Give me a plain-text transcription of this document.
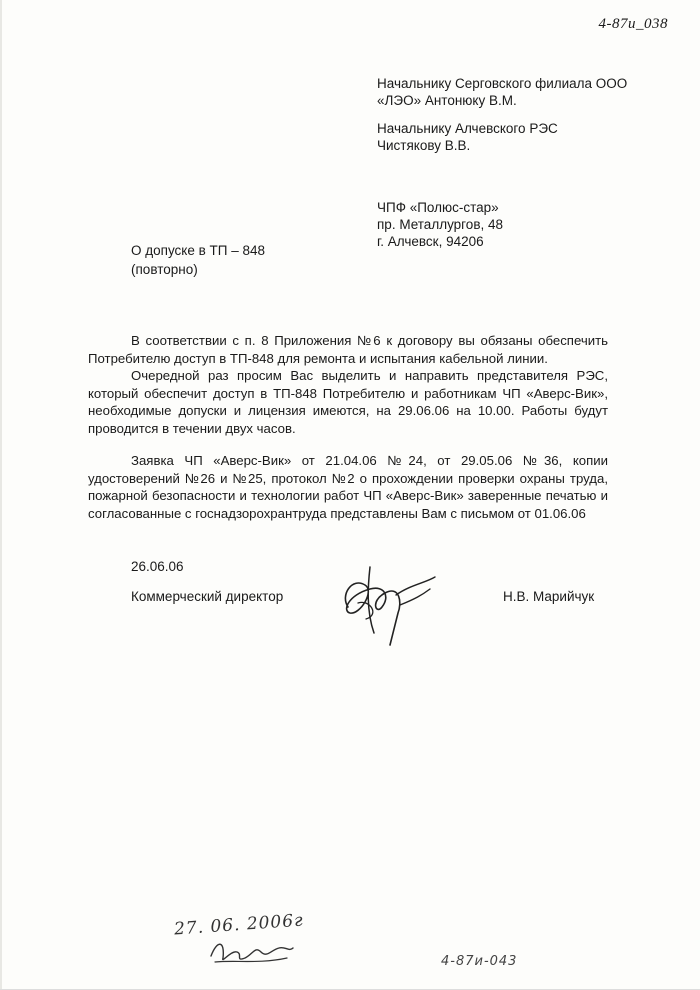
4-87и_038
Начальнику Серговского филиала ООО
«ЛЭО» Антонюку В.М.
Начальнику Алчевского РЭС
Чистякову В.В.
ЧПФ «Полюс-стар»
пр. Металлургов, 48
г. Алчевск, 94206
О допуске в ТП – 848
(повторно)

В соответствии с п. 8 Приложения №6 к договору вы обязаны обеспечить Потребителю доступ в ТП-848 для ремонта и испытания кабельной линии.

Очередной раз просим Вас выделить и направить представителя РЭС, который обеспечит доступ в ТП-848 Потребителю и работникам ЧП «Аверс-Вик», необходимые допуски и лицензия имеются, на 29.06.06 на 10.00. Работы будут проводится в течении двух часов.

Заявка ЧП «Аверс-Вик» от 21.04.06 №24, от 29.05.06 №36, копии удостоверений №26 и №25, протокол №2 о прохождении проверки охраны труда, пожарной безопасности и технологии работ ЧП «Аверс-Вик» заверенные печатью и согласованные с госнадзорохрантруда представлены Вам с письмом от 01.06.06

26.06.06
Коммерческий директор	Н.В. Марийчук
27. 06. 2006г
4-87и-043
